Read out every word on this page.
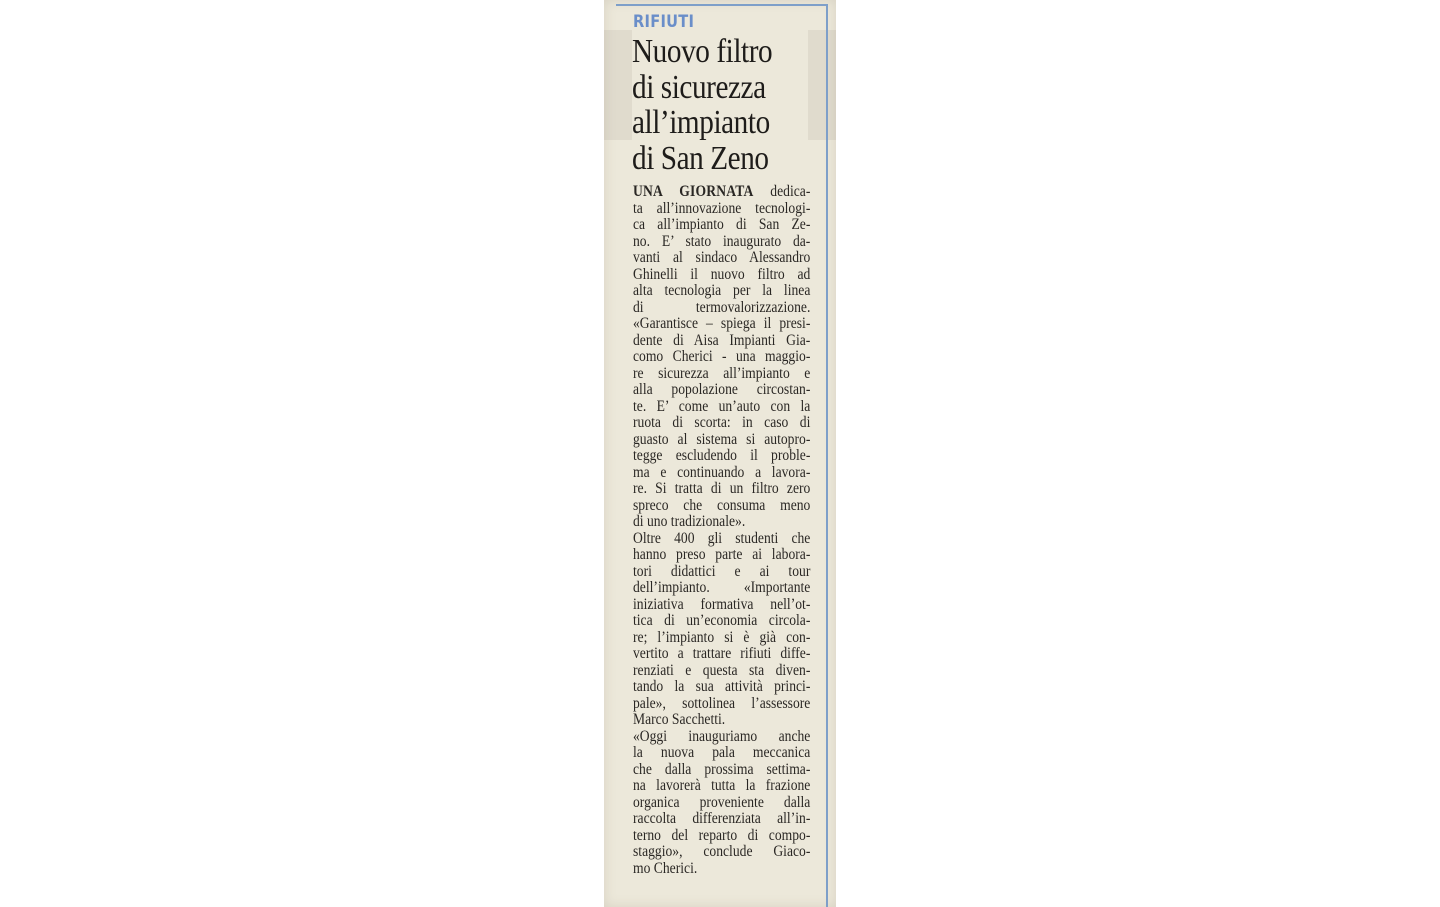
RIFIUTI
Nuovo filtro
di sicurezza
all’impianto
di San Zeno
UNA GIORNATA dedica-
ta all’innovazione tecnologi-
ca all’impianto di San Ze-
no. E’ stato inaugurato da-
vanti al sindaco Alessandro
Ghinelli il nuovo filtro ad
alta tecnologia per la linea
di      termovalorizzazione.
«Garantisce – spiega il presi-
dente di Aisa Impianti Gia-
como Cherici - una maggio-
re sicurezza all’impianto e
alla popolazione circostan-
te. E’ come un’auto con la
ruota di scorta: in caso di
guasto al sistema si autopro-
tegge escludendo il proble-
ma e continuando a lavora-
re. Si tratta di un filtro zero
spreco che consuma meno
di uno tradizionale».
Oltre 400 gli studenti che
hanno preso parte ai labora-
tori didattici e ai tour
dell’impianto. «Importante
iniziativa formativa nell’ot-
tica di un’economia circola-
re; l’impianto si è già con-
vertito a trattare rifiuti diffe-
renziati e questa sta diven-
tando la sua attività princi-
pale», sottolinea l’assessore
Marco Sacchetti.
«Oggi inauguriamo anche
la nuova pala meccanica
che dalla prossima settima-
na lavorerà tutta la frazione
organica proveniente dalla
raccolta differenziata all’in-
terno del reparto di compo-
staggio», conclude Giaco-
mo Cherici.
